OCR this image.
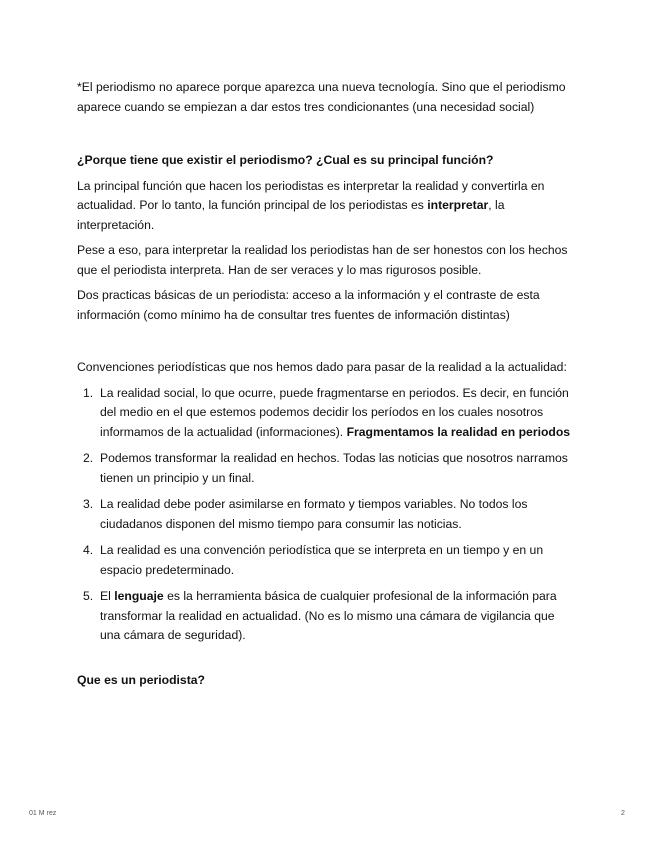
*El periodismo no aparece porque aparezca una nueva tecnología. Sino que el periodismo aparece cuando se empiezan a dar estos tres condicionantes (una necesidad social)

¿Porque tiene que existir el periodismo? ¿Cual es su principal función?

La principal función que hacen los periodistas es interpretar la realidad y convertirla en actualidad. Por lo tanto, la función principal de los periodistas es interpretar, la interpretación.

Pese a eso, para interpretar la realidad los periodistas han de ser honestos con los hechos que el periodista interpreta. Han de ser veraces y lo mas rigurosos posible.

Dos practicas básicas de un periodista: acceso a la información y el contraste de esta información (como mínimo ha de consultar tres fuentes de información distintas)

Convenciones periodísticas que nos hemos dado para pasar de la realidad a la actualidad:

1. La realidad social, lo que ocurre, puede fragmentarse en periodos. Es decir, en función del medio en el que estemos podemos decidir los períodos en los cuales nosotros informamos de la actualidad (informaciones). Fragmentamos la realidad en periodos
2. Podemos transformar la realidad en hechos. Todas las noticias que nosotros narramos tienen un principio y un final.
3. La realidad debe poder asimilarse en formato y tiempos variables. No todos los ciudadanos disponen del mismo tiempo para consumir las noticias.
4. La realidad es una convención periodística que se interpreta en un tiempo y en un espacio predeterminado.
5. El lenguaje es la herramienta básica de cualquier profesional de la información para transformar la realidad en actualidad. (No es lo mismo una cámara de vigilancia que una cámara de seguridad).

Que es un periodista?

01 M rez	2
